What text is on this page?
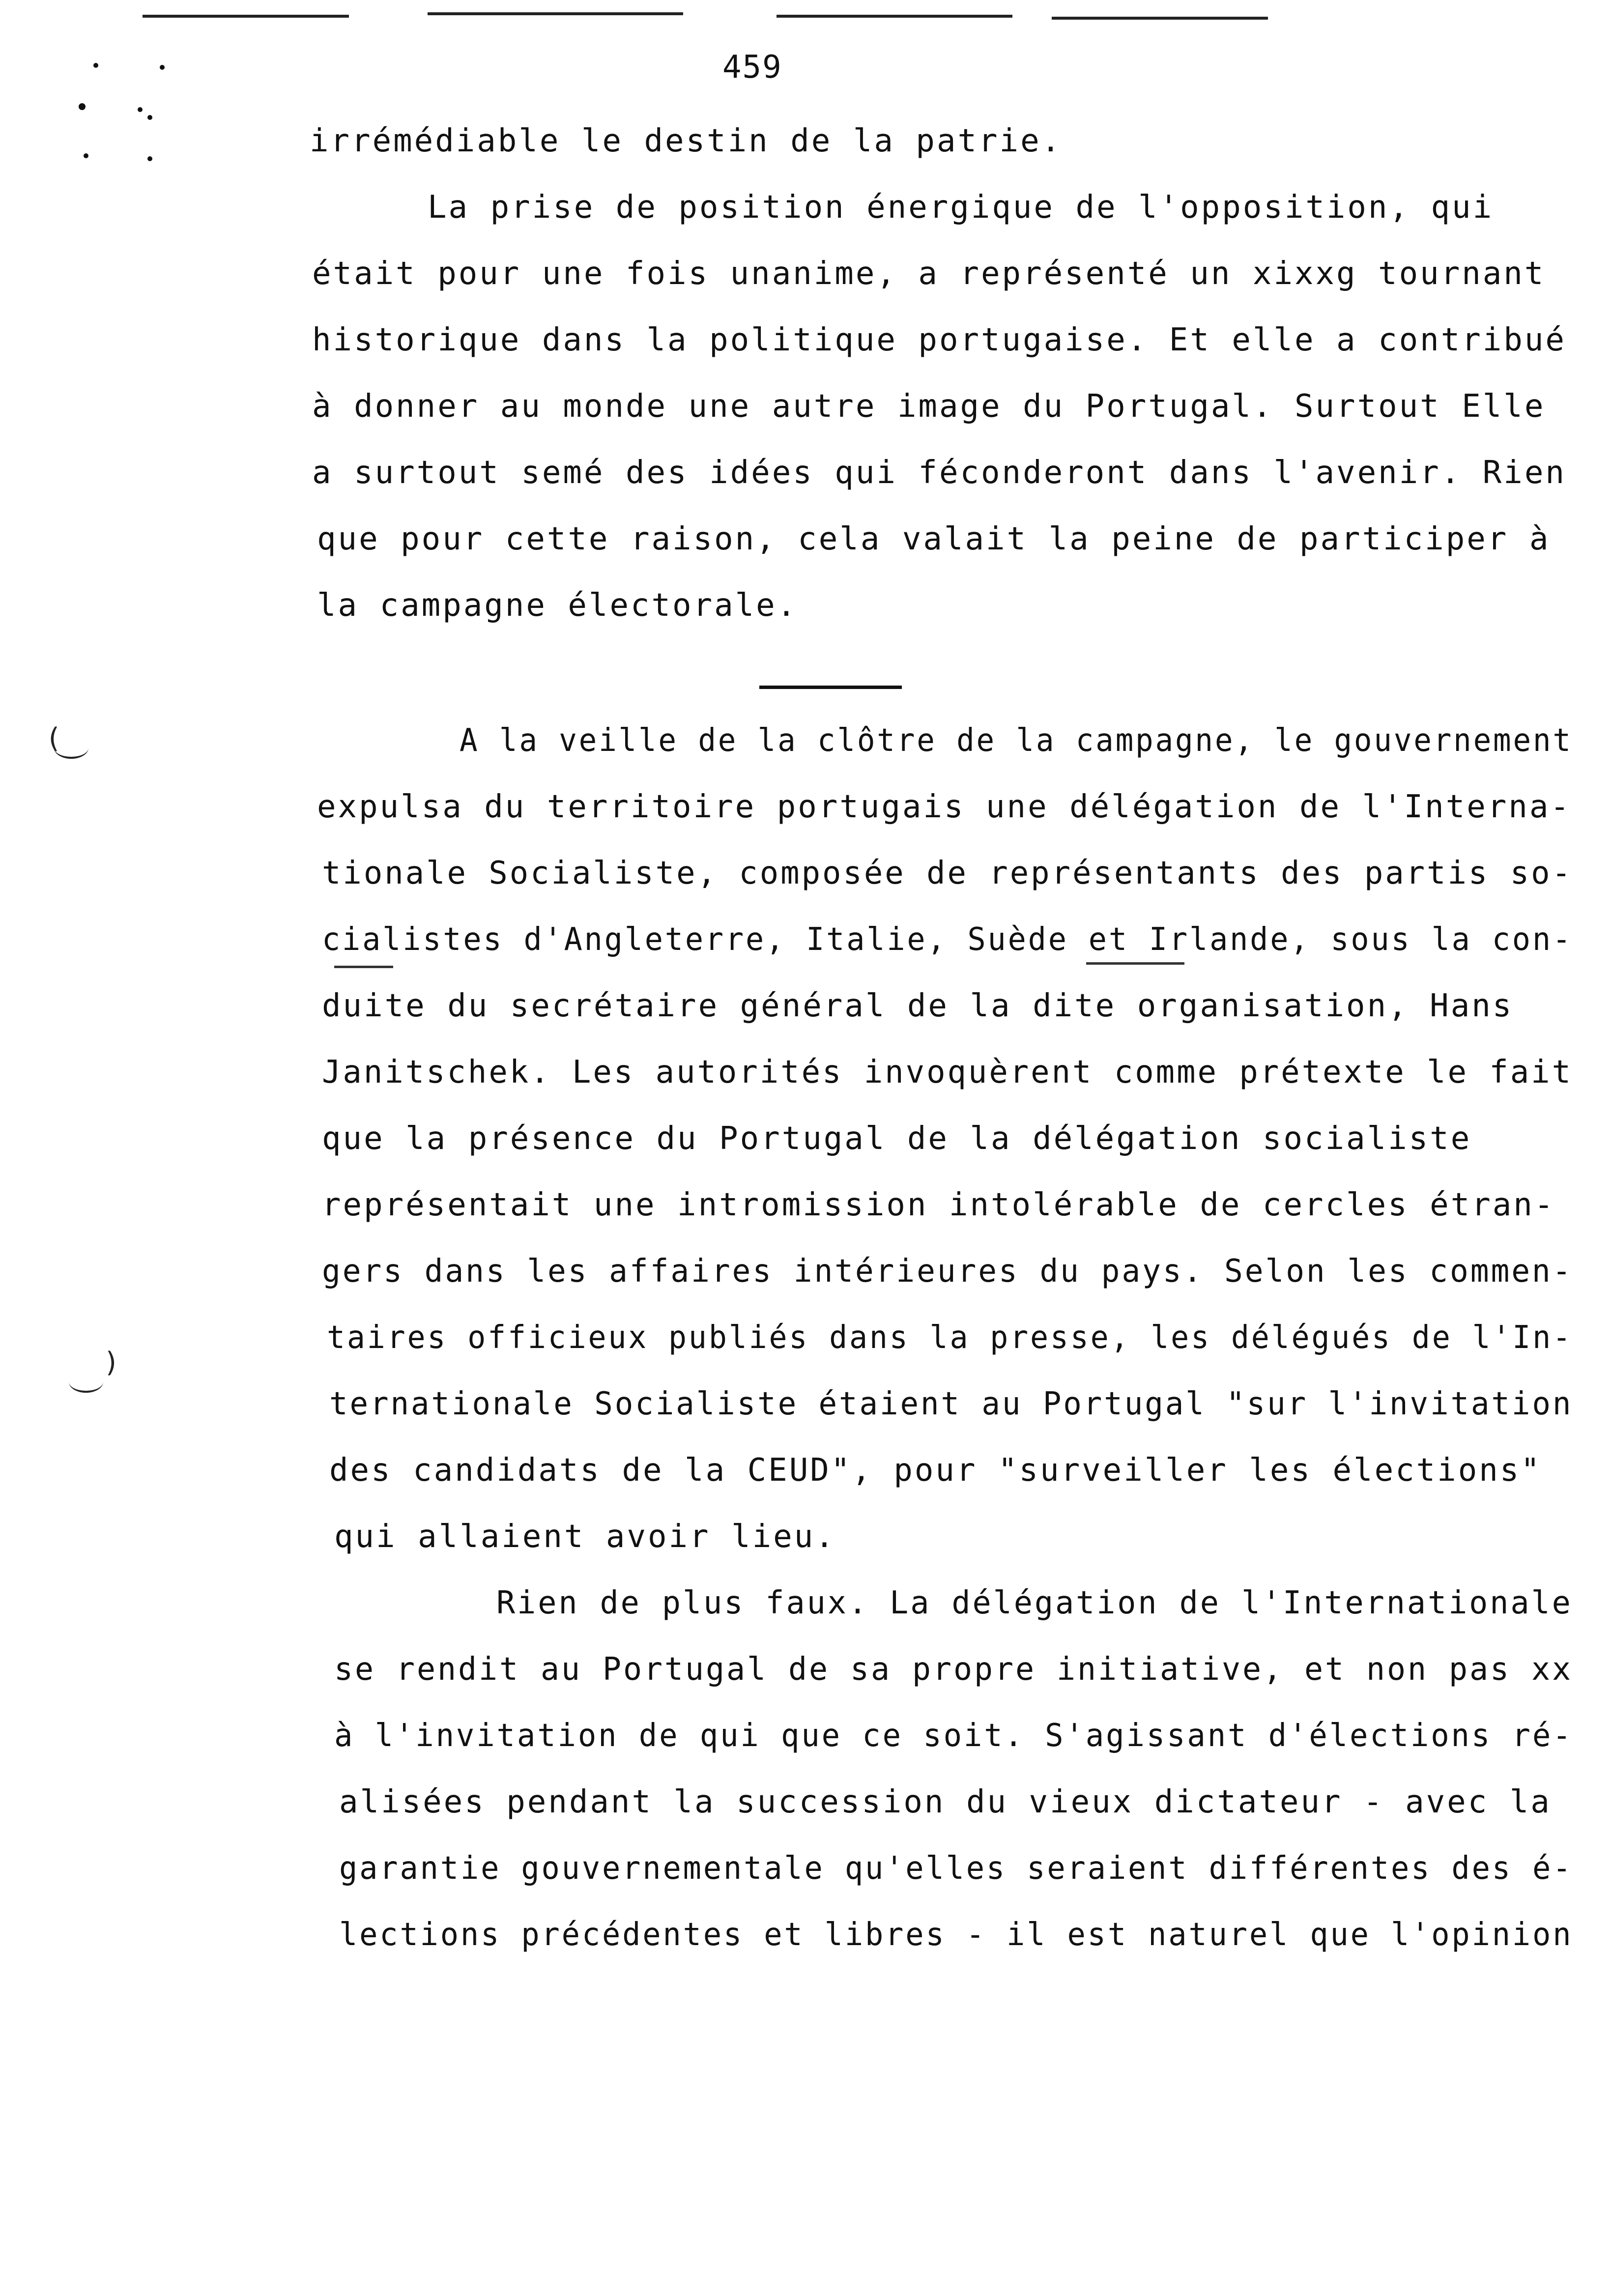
459
irrémédiable le destin de la patrie.
La prise de position énergique de l'opposition, qui
était pour une fois unanime, a représenté un xixxg tournant
historique dans la politique portugaise. Et elle a contribué
à donner au monde une autre image du Portugal. Surtout Elle
a surtout semé des idées qui féconderont dans l'avenir. Rien
que pour cette raison, cela valait la peine de participer à
la campagne électorale.
(
)
A la veille de la clôtre de la campagne, le gouvernement
expulsa du territoire portugais une délégation de l'Interna-
tionale Socialiste, composée de représentants des partis so-
cialistes d'Angleterre, Italie, Suède et Irlande, sous la con-
duite du secrétaire général de la dite organisation, Hans
Janitschek. Les autorités invoquèrent comme prétexte le fait
que la présence du Portugal de la délégation socialiste
représentait une intromission intolérable de cercles étran-
gers dans les affaires intérieures du pays. Selon les commen-
taires officieux publiés dans la presse, les délégués de l'In-
ternationale Socialiste étaient au Portugal "sur l'invitation
des candidats de la CEUD", pour "surveiller les élections"
qui allaient avoir lieu.
Rien de plus faux. La délégation de l'Internationale
se rendit au Portugal de sa propre initiative, et non pas xx
à l'invitation de qui que ce soit. S'agissant d'élections ré-
alisées pendant la succession du vieux dictateur - avec la
garantie gouvernementale qu'elles seraient différentes des é-
lections précédentes et libres - il est naturel que l'opinion
